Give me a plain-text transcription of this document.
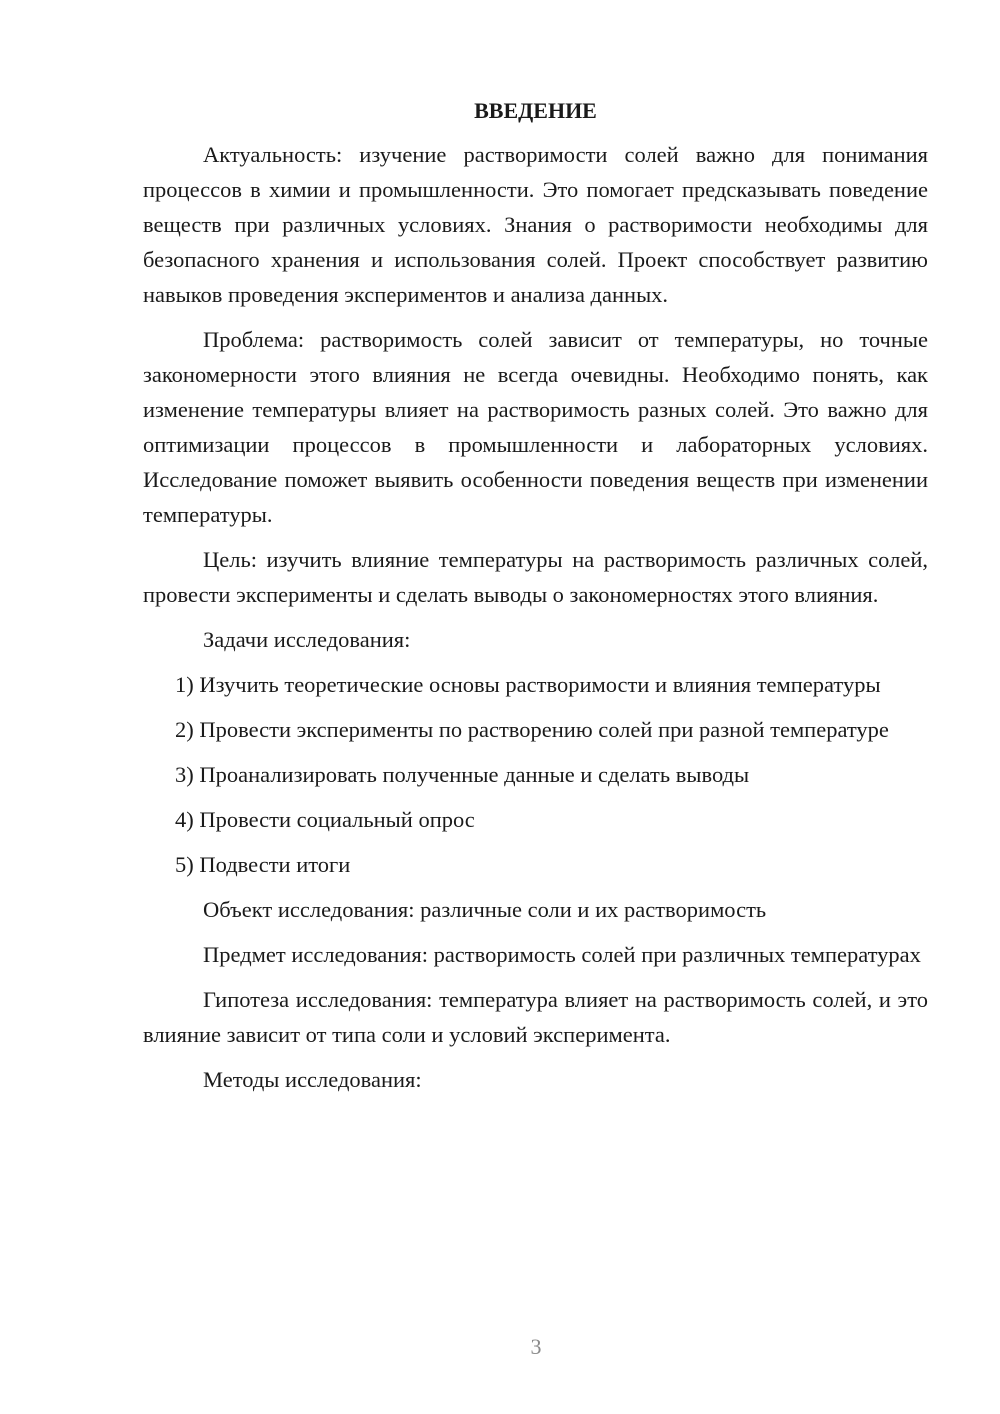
ВВЕДЕНИЕ

Актуальность: изучение растворимости солей важно для понимания процессов в химии и промышленности. Это помогает предсказывать поведение веществ при различных условиях. Знания о растворимости необходимы для безопасного хранения и использования солей. Проект способствует развитию навыков проведения экспериментов и анализа данных.

Проблема: растворимость солей зависит от температуры, но точные закономерности этого влияния не всегда очевидны. Необходимо понять, как изменение температуры влияет на растворимость разных солей. Это важно для оптимизации процессов в промышленности и лабораторных условиях. Исследование поможет выявить особенности поведения веществ при изменении температуры.

Цель: изучить влияние температуры на растворимость различных солей, провести эксперименты и сделать выводы о закономерностях этого влияния.

Задачи исследования:

1) Изучить теоретические основы растворимости и влияния температуры

2) Провести эксперименты по растворению солей при разной температуре

3) Проанализировать полученные данные и сделать выводы

4) Провести социальный опрос

5) Подвести итоги

Объект исследования: различные соли и их растворимость

Предмет исследования: растворимость солей при различных температурах

Гипотеза исследования: температура влияет на растворимость солей, и это влияние зависит от типа соли и условий эксперимента.

Методы исследования:

3
